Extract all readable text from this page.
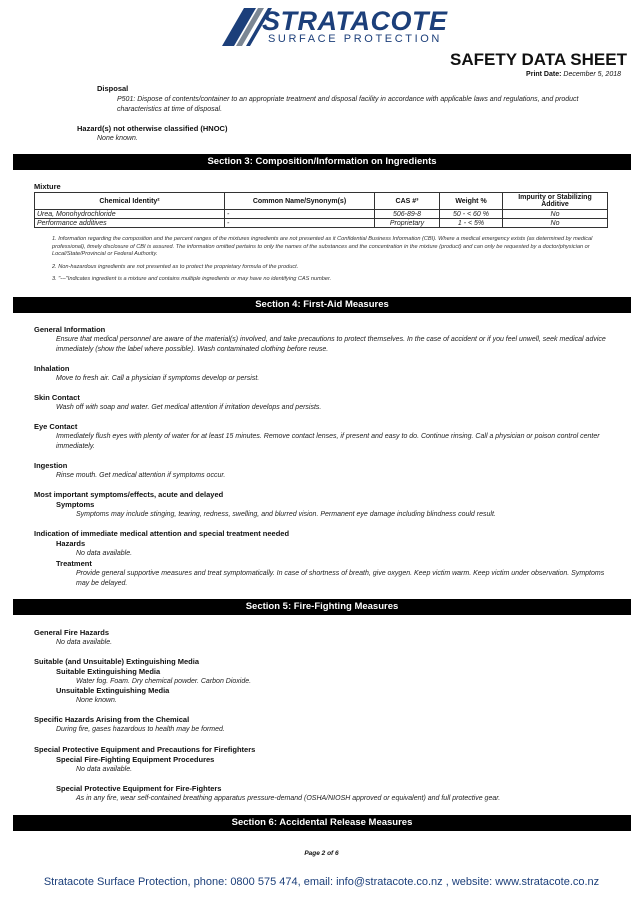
STRATACOTE
SURFACE PROTECTION
SAFETY DATA SHEET
Print Date: December 5, 2018
Disposal
P501: Dispose of contents/container to an appropriate treatment and disposal facility in accordance with applicable laws and regulations, and product characteristics at time of disposal.
Hazard(s) not otherwise classified (HNOC)
None known.
Section 3: Composition/Information on Ingredients
Mixture
Chemical Identity²	Common Name/Synonym(s)	CAS #³	Weight %	Impurity or Stabilizing Additive
Urea, Monohydrochloride	-	506-89-8	50 - < 60 %	No
Performance additives	-	Proprietary	1 - < 5%	No
1. Information regarding the composition and the percent ranges of the mixtures ingredients are not presented as it Confidential Business Information (CBI). Where a medical emergency exists (as determined by medical professional), timely disclosure of CBI is assured. The information omitted pertains to only the names of the substances and the concentration in the mixture (product) and can only be requested by a doctor/physician or Local/State/Provincial or Federal Authority.
2. Non-hazardous ingredients are not presented as to protect the proprietary formula of the product.
3. "---"Indicates ingredient is a mixture and contains multiple ingredients or may have no identifying CAS number.
Section 4: First-Aid Measures
General Information
Ensure that medical personnel are aware of the material(s) involved, and take precautions to protect themselves. In the case of accident or if you feel unwell, seek medical advice immediately (show the label where possible). Wash contaminated clothing before reuse.
Inhalation
Move to fresh air. Call a physician if symptoms develop or persist.
Skin Contact
Wash off with soap and water. Get medical attention if irritation develops and persists.
Eye Contact
Immediately flush eyes with plenty of water for at least 15 minutes. Remove contact lenses, if present and easy to do. Continue rinsing. Call a physician or poison control center immediately.
Ingestion
Rinse mouth. Get medical attention if symptoms occur.
Most important symptoms/effects, acute and delayed
Symptoms
Symptoms may include stinging, tearing, redness, swelling, and blurred vision. Permanent eye damage including blindness could result.
Indication of immediate medical attention and special treatment needed
Hazards
No data available.
Treatment
Provide general supportive measures and treat symptomatically. In case of shortness of breath, give oxygen. Keep victim warm. Keep victim under observation. Symptoms may be delayed.
Section 5: Fire-Fighting Measures
General Fire Hazards
No data available.
Suitable (and Unsuitable) Extinguishing Media
Suitable Extinguishing Media
Water fog. Foam. Dry chemical powder. Carbon Dioxide.
Unsuitable Extinguishing Media
None known.
Specific Hazards Arising from the Chemical
During fire, gases hazardous to health may be formed.
Special Protective Equipment and Precautions for Firefighters
Special Fire-Fighting Equipment Procedures
No data available.
Special Protective Equipment for Fire-Fighters
As in any fire, wear self-contained breathing apparatus pressure-demand (OSHA/NIOSH approved or equivalent) and full protective gear.
Section 6: Accidental Release Measures
Page 2 of 6
Stratacote Surface Protection, phone: 0800 575 474, email: info@stratacote.co.nz , website: www.stratacote.co.nz
